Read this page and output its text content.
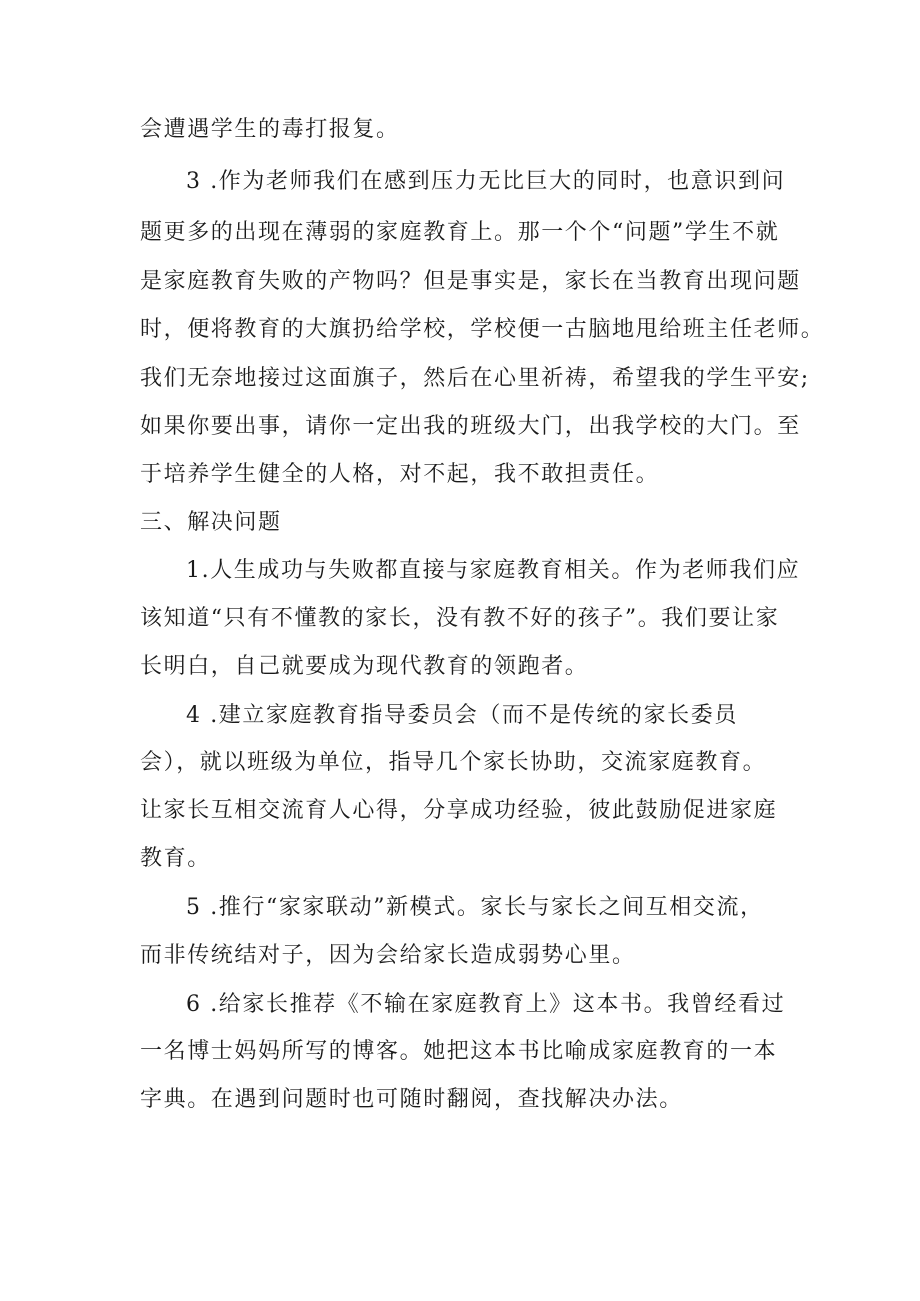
会遭遇学生的毒打报复。
3 .作为老师我们在感到压力无比巨大的同时，也意识到问
题更多的出现在薄弱的家庭教育上。那一个个“问题”学生不就
是家庭教育失败的产物吗？但是事实是，家长在当教育出现问题
时，便将教育的大旗扔给学校，学校便一古脑地甩给班主任老师。
我们无奈地接过这面旗子，然后在心里祈祷，希望我的学生平安;
如果你要出事，请你一定出我的班级大门，出我学校的大门。至
于培养学生健全的人格，对不起，我不敢担责任。
三、解决问题
1.人生成功与失败都直接与家庭教育相关。作为老师我们应
该知道“只有不懂教的家长，没有教不好的孩子”。我们要让家
长明白，自己就要成为现代教育的领跑者。
4 .建立家庭教育指导委员会（而不是传统的家长委员
会），就以班级为单位，指导几个家长协助，交流家庭教育。
让家长互相交流育人心得，分享成功经验，彼此鼓励促进家庭
教育。
5 .推行“家家联动”新模式。家长与家长之间互相交流，
而非传统结对子，因为会给家长造成弱势心里。
6 .给家长推荐《不输在家庭教育上》这本书。我曾经看过
一名博士妈妈所写的博客。她把这本书比喻成家庭教育的一本
字典。在遇到问题时也可随时翻阅，查找解决办法。
